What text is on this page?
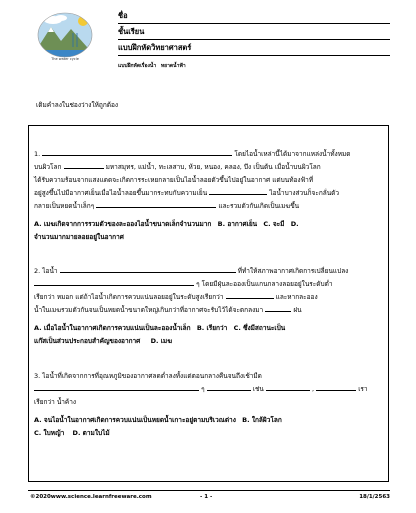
The water cycle
ชื่อ
ชั้นเรียน
แบบฝึกหัดวิทยาศาสตร์
แบบฝึกหัดเรื่องน้ำ หยาดน้ำฟ้า
เติมคำลงในช่องว่างให้ถูกต้อง
1.	โดยไอน้ำเหล่านี้ได้มาจากแหล่งน้ำทั้งหมด
บนผิวโลก	มหาสมุทร, แม่น้ำ, ทะเลสาบ, ห้วย, หนอง, คลอง, บึง เป็นต้น เมื่อน้ำบนผิวโลก
ได้รับความร้อนจากแสงแดดจะเกิดการระเหยกลายเป็นไอน้ำลอยตัวขึ้นไปอยู่ในอากาศ แต่บนท้องฟ้าที่
อยู่สูงขึ้นไปมีอากาศเย็นเมื่อไอน้ำลอยขึ้นมากระทบกับความเย็น	ไอน้ำบางส่วนก็จะกลั่นตัว
กลายเป็นหยดน้ำเล็กๆ	และรวมตัวกันเกิดเป็นเมฆขึ้น
A. เมฆเกิดจากการรวมตัวของละอองไอน้ำขนาดเล็กจำนวนมาก B. อากาศเย็น C. จะมี D.
จำนวนมากมายลอยอยู่ในอากาศ
2. ไอน้ำ	ที่ทำให้สภาพอากาศเกิดการเปลี่ยนแปลง
ๆ โดยมีฝุ่นละอองเป็นแกนกลางลอยอยู่ในระดับต่ำ
เรียกว่า หมอก แต่ถ้าไอน้ำเกิดการควบแน่นลอยอยู่ในระดับสูงเรียกว่า	และหากละออง
น้ำในเมฆรวมตัวกันจนเป็นหยดน้ำขนาดใหญ่เกินกว่าที่อากาศจะรับไว้ได้จะตกลงมา	ฝน
A. เมื่อไอน้ำในอากาศเกิดการควบแน่นเป็นละอองน้ำเล็ก B. เรียกว่า C. ซึ่งมีสถานะเป็น
แก๊สเป็นส่วนประกอบสำคัญของอากาศ D. เมฆ
3. ไอน้ำที่เกิดจากการที่อุณหภูมิของอากาศลดต่ำลงทั้งแต่ตอนกลางคืนจนถึงเช้ามืด
ๆ	เช่น	,	เรา
เรียกว่า น้ำค้าง
A. จนไอน้ำในอากาศเกิดการควบแน่นเป็นหยดน้ำเกาะอยู่ตามบริเวณต่าง B. ใกล้ผิวโลก
C. ใบหญ้า D. ตามใบไม้
©2020www.science.learnfreeware.com	- 1 -	18/1/2563
